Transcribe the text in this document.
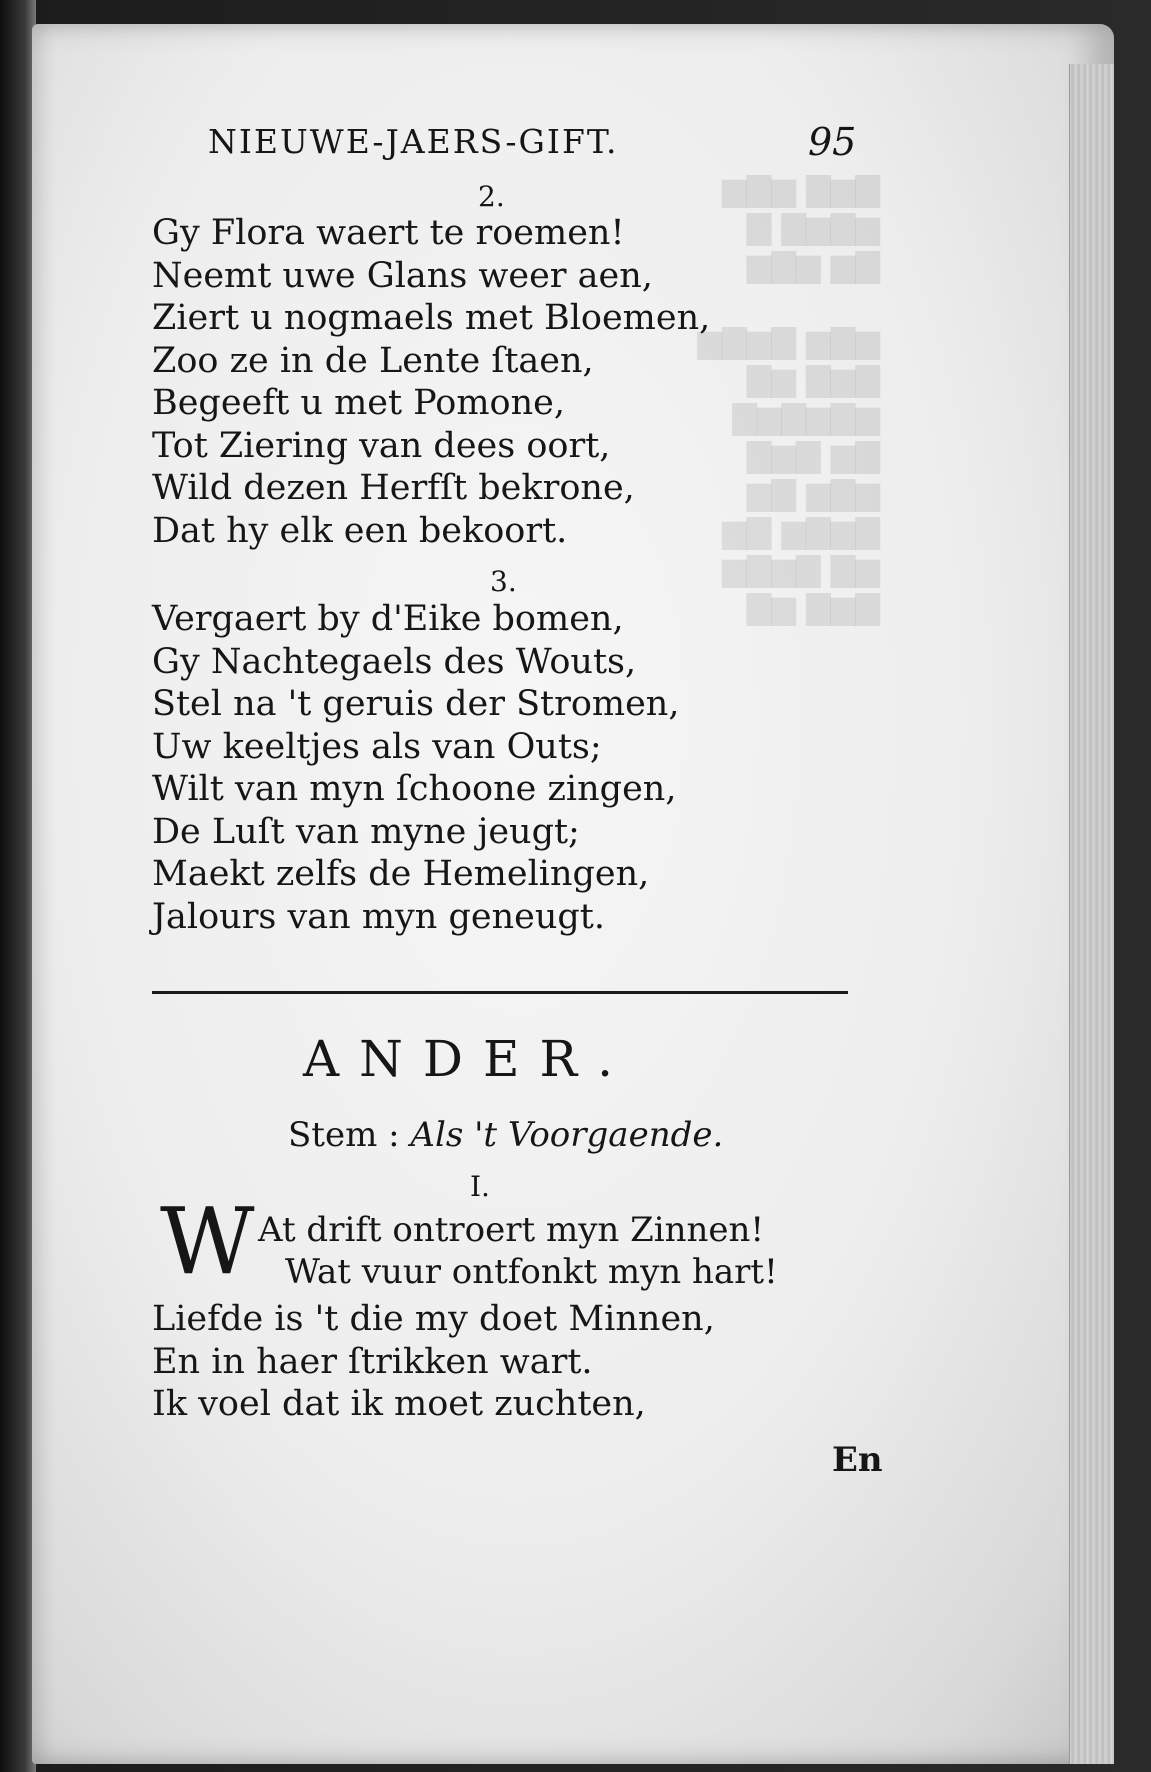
▇▆▇ ▆▇▆
▆▇▆▇ ▇
▇▆ ▆▇▆
▆▇▆ ▇▆▇▆
▇▆▇ ▆▇
▆▇▆▇▆▇
▇▆ ▇▆▇
▆▇▆ ▇▆
▇▆▇▆ ▇▆
▆▇ ▇▆▇▆
▇▆▇ ▆▇
NIEUWE-JAERS-GIFT.	95
2.
Gy Flora waert te roemen!
Neemt uwe Glans weer aen,
Ziert u nogmaels met Bloemen,
Zoo ze in de Lente ſtaen,
Begeeft u met Pomone,
Tot Ziering van dees oort,
Wild dezen Herfſt bekrone,
Dat hy elk een bekoort.
3.
Vergaert by d'Eike bomen,
Gy Nachtegaels des Wouts,
Stel na 't geruis der Stromen,
Uw keeltjes als van Outs;
Wilt van myn ſchoone zingen,
De Luſt van myne jeugt;
Maekt zelfs de Hemelingen,
Jalours van myn geneugt.
ANDER.
Stem : Als 't Voorgaende.
I.
W At drift ontroert myn Zinnen!
Wat vuur ontfonkt myn hart!
Liefde is 't die my doet Minnen,
En in haer ſtrikken wart.
Ik voel dat ik moet zuchten,
En
